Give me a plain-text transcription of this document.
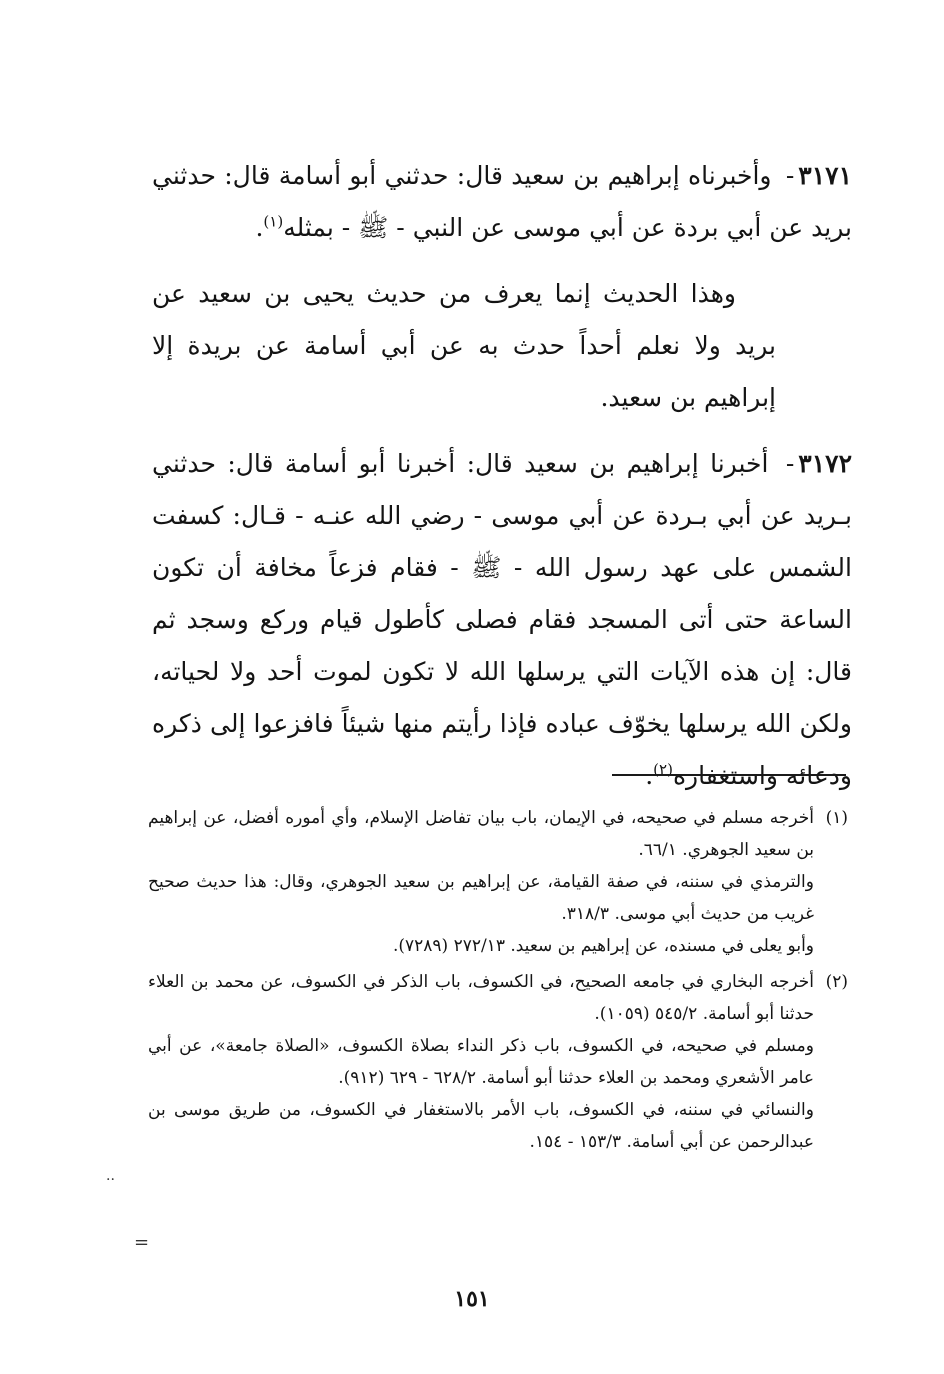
٣١٧١- وأخبرناه إبراهيم بن سعيد قال: حدثني أبو أسامة قال: حدثني بريد عن أبي بردة عن أبي موسى عن النبي - ﷺ - بمثله$^{(١)}$.

وهذا الحديث إنما يعرف من حديث يحيى بن سعيد عن بريد ولا نعلم أحداً حدث به عن أبي أسامة عن بريدة إلا إبراهيم بن سعيد.

٣١٧٢- أخبرنا إبراهيم بن سعيد قال: أخبرنا أبو أسامة قال: حدثني بـريد عن أبي بـردة عن أبي موسى - رضي الله عنـه - قـال: كسفت الشمس على عهد رسول الله - ﷺ - فقام فزعاً مخافة أن تكون الساعة حتى أتى المسجد فقام فصلى كأطول قيام وركع وسجد ثم قال: إن هذه الآيات التي يرسلها الله لا تكون لموت أحد ولا لحياته، ولكن الله يرسلها يخوّف عباده فإذا رأيتم منها شيئاً فافزعوا إلى ذكره ودعائه واستغفاره$^{(٢)}$.

(١)
أخرجه مسلم في صحيحه، في الإيمان، باب بيان تفاضل الإسلام، وأي أموره أفضل، عن إبراهيم بن سعيد الجوهري. ٦٦/١.
والترمذي في سننه، في صفة القيامة، عن إبراهيم بن سعيد الجوهري، وقال: هذا حديث صحيح غريب من حديث أبي موسى. ٣١٨/٣.
وأبو يعلى في مسنده، عن إبراهيم بن سعيد. ٢٧٢/١٣ (٧٢٨٩).
(٢)
أخرجه البخاري في جامعه الصحيح، في الكسوف، باب الذكر في الكسوف، عن محمد بن العلاء حدثنا أبو أسامة. ٥٤٥/٢ (١٠٥٩).
ومسلم في صحيحه، في الكسوف، باب ذكر النداء بصلاة الكسوف، «الصلاة جامعة»، عن أبي عامر الأشعري ومحمد بن العلاء حدثنا أبو أسامة. ٦٢٨/٢ - ٦٢٩ (٩١٢).
والنسائي في سننه، في الكسوف، باب الأمر بالاستغفار في الكسوف، من طريق موسى بن عبدالرحمن عن أبي أسامة. ١٥٣/٣ - ١٥٤.
..
=
١٥١
